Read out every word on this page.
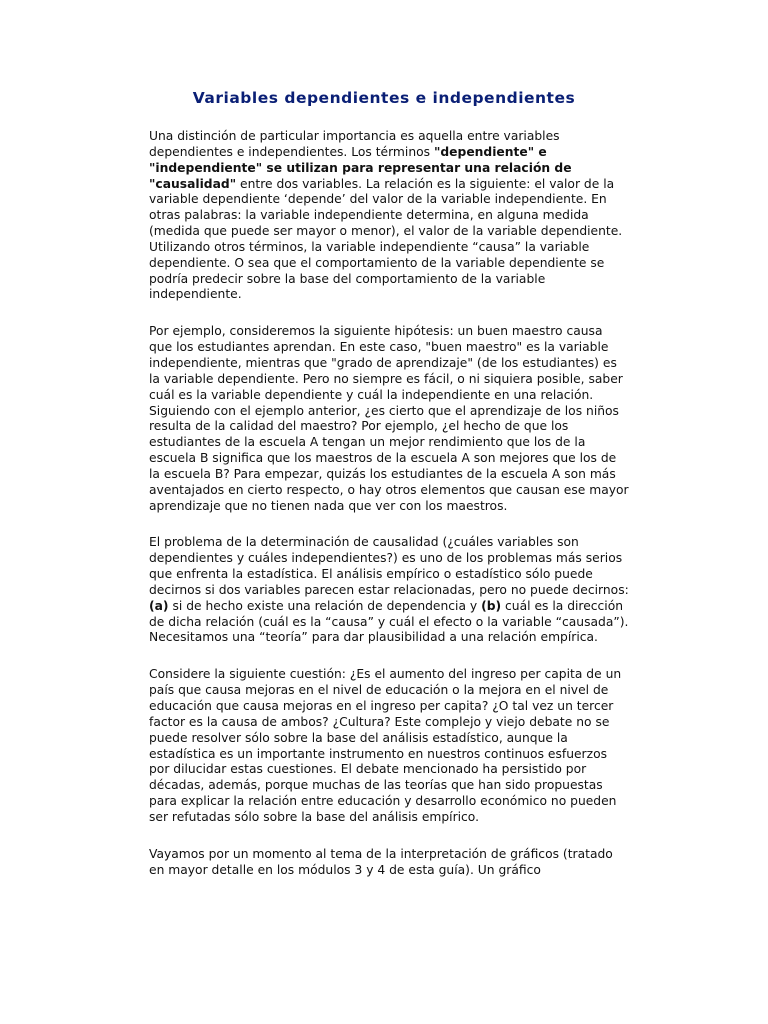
Variables dependientes e independientes

Una distinción de particular importancia es aquella entre variables dependientes e independientes. Los términos "dependiente" e "independiente" se utilizan para representar una relación de "causalidad" entre dos variables. La relación es la siguiente: el valor de la variable dependiente ‘depende’ del valor de la variable independiente. En otras palabras: la variable independiente determina, en alguna medida (medida que puede ser mayor o menor), el valor de la variable dependiente. Utilizando otros términos, la variable independiente “causa” la variable dependiente. O sea que el comportamiento de la variable dependiente se podría predecir sobre la base del comportamiento de la variable independiente.

Por ejemplo, consideremos la siguiente hipótesis: un buen maestro causa que los estudiantes aprendan. En este caso, "buen maestro" es la variable independiente, mientras que "grado de aprendizaje" (de los estudiantes) es la variable dependiente. Pero no siempre es fácil, o ni siquiera posible, saber cuál es la variable dependiente y cuál la independiente en una relación. Siguiendo con el ejemplo anterior, ¿es cierto que el aprendizaje de los niños resulta de la calidad del maestro? Por ejemplo, ¿el hecho de que los estudiantes de la escuela A tengan un mejor rendimiento que los de la escuela B significa que los maestros de la escuela A son mejores que los de la escuela B? Para empezar, quizás los estudiantes de la escuela A son más aventajados en cierto respecto, o hay otros elementos que causan ese mayor aprendizaje que no tienen nada que ver con los maestros.

El problema de la determinación de causalidad (¿cuáles variables son dependientes y cuáles independientes?) es uno de los problemas más serios que enfrenta la estadística. El análisis empírico o estadístico sólo puede decirnos si dos variables parecen estar relacionadas, pero no puede decirnos: (a) si de hecho existe una relación de dependencia y (b) cuál es la dirección de dicha relación (cuál es la “causa” y cuál el efecto o la variable “causada”). Necesitamos una “teoría” para dar plausibilidad a una relación empírica.

Considere la siguiente cuestión: ¿Es el aumento del ingreso per capita de un país que causa mejoras en el nivel de educación o la mejora en el nivel de educación que causa mejoras en el ingreso per capita? ¿O tal vez un tercer factor es la causa de ambos? ¿Cultura? Este complejo y viejo debate no se puede resolver sólo sobre la base del análisis estadístico, aunque la estadística es un importante instrumento en nuestros continuos esfuerzos por dilucidar estas cuestiones. El debate mencionado ha persistido por décadas, además, porque muchas de las teorías que han sido propuestas para explicar la relación entre educación y desarrollo económico no pueden ser refutadas sólo sobre la base del análisis empírico.

Vayamos por un momento al tema de la interpretación de gráficos (tratado en mayor detalle en los módulos 3 y 4 de esta guía). Un gráfico
